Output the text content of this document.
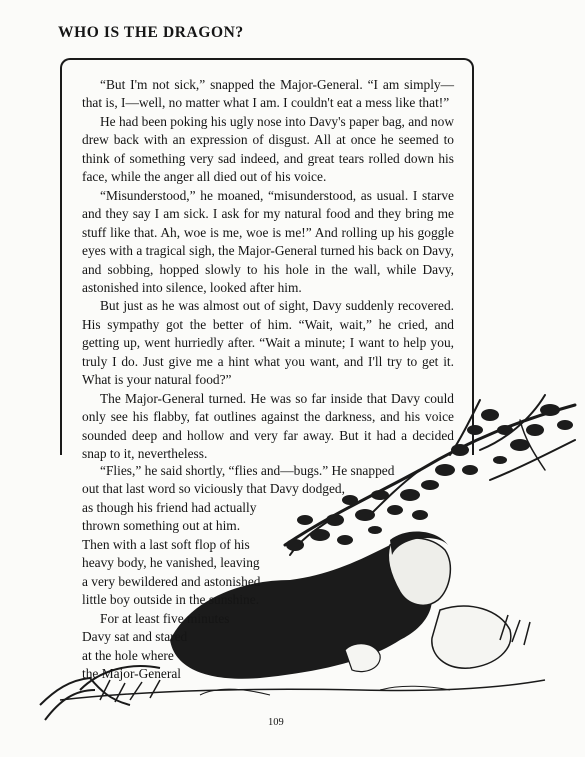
WHO IS THE DRAGON?

“But I'm not sick,” snapped the Major-General. “I am simply—that is, I—well, no matter what I am. I couldn't eat a mess like that!”

He had been poking his ugly nose into Davy's paper bag, and now drew back with an expression of disgust. All at once he seemed to think of something very sad indeed, and great tears rolled down his face, while the anger all died out of his voice.

“Misunderstood,” he moaned, “misunderstood, as usual. I starve and they say I am sick. I ask for my natural food and they bring me stuff like that. Ah, woe is me, woe is me!” And rolling up his goggle eyes with a tragical sigh, the Major-General turned his back on Davy, and sobbing, hopped slowly to his hole in the wall, while Davy, astonished into silence, looked after him.

But just as he was almost out of sight, Davy suddenly recovered. His sympathy got the better of him. “Wait, wait,” he cried, and getting up, went hurriedly after. “Wait a minute; I want to help you, truly I do. Just give me a hint what you want, and I'll try to get it. What is your natural food?”

The Major-General turned. He was so far inside that Davy could only see his flabby, fat outlines against the darkness, and his voice sounded deep and hollow and very far away. But it had a decided snap to it, nevertheless.

“Flies,” he said shortly, “flies and—bugs.” He snapped
out that last word so viciously that Davy dodged,
as though his friend had actually
thrown something out at him.
Then with a last soft flop of his
heavy body, he vanished, leaving
a very bewildered and astonished
little boy outside in the sunshine.
For at least five minutes
Davy sat and stared
at the hole where
the Major-General
109
